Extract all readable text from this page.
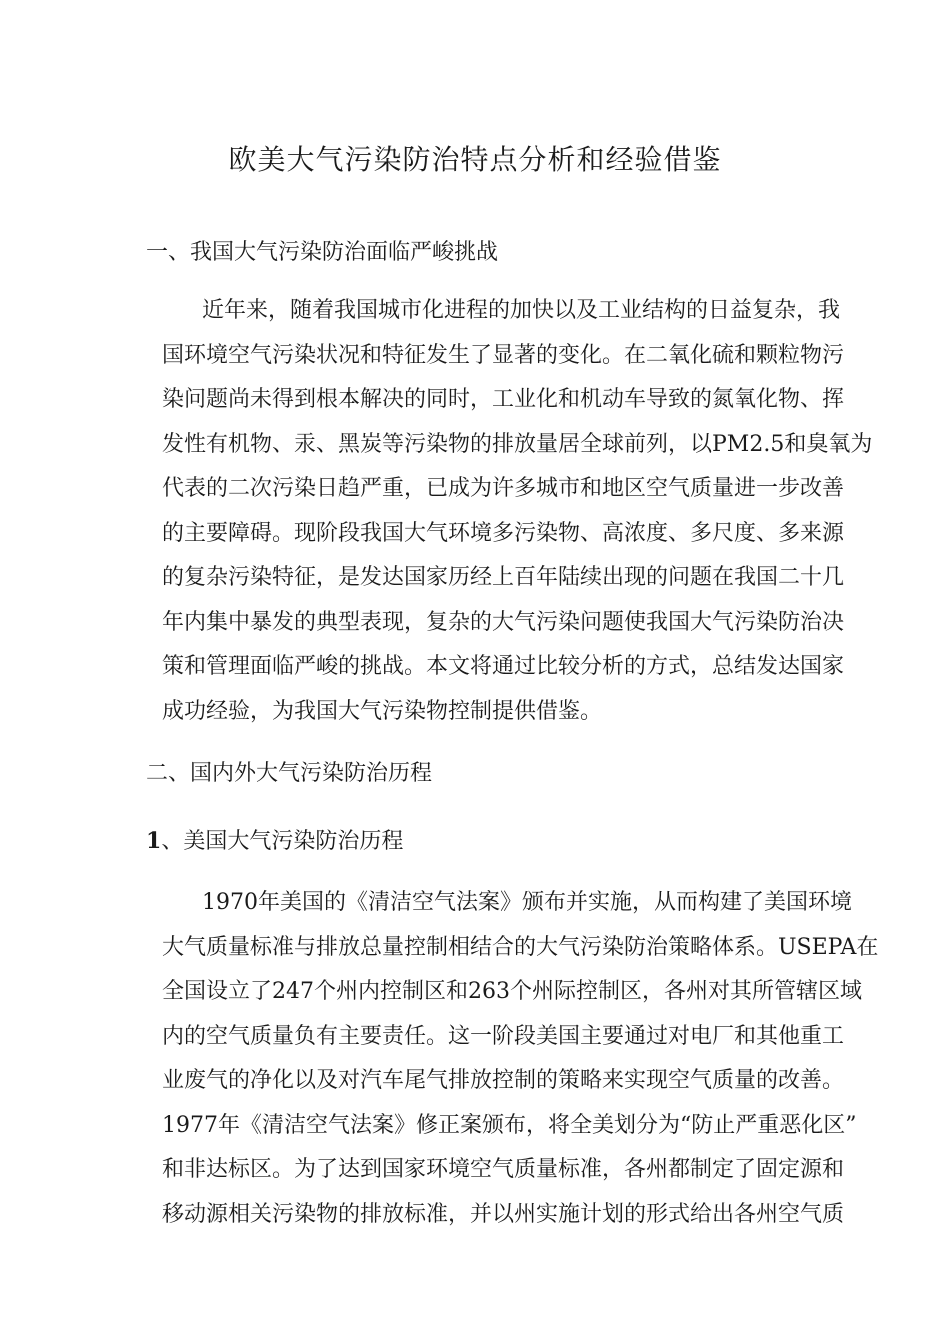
欧美大气污染防治特点分析和经验借鉴
一、我国大气污染防治面临严峻挑战
近年来，随着我国城市化进程的加快以及工业结构的日益复杂，我
国环境空气污染状况和特征发生了显著的变化。在二氧化硫和颗粒物污
染问题尚未得到根本解决的同时，工业化和机动车导致的氮氧化物、挥
发性有机物、汞、黑炭等污染物的排放量居全球前列，以PM2.5和臭氧为
代表的二次污染日趋严重，已成为许多城市和地区空气质量进一步改善
的主要障碍。现阶段我国大气环境多污染物、高浓度、多尺度、多来源
的复杂污染特征，是发达国家历经上百年陆续出现的问题在我国二十几
年内集中暴发的典型表现，复杂的大气污染问题使我国大气污染防治决
策和管理面临严峻的挑战。本文将通过比较分析的方式，总结发达国家
成功经验，为我国大气污染物控制提供借鉴。
二、国内外大气污染防治历程
1、美国大气污染防治历程
1970年美国的《清洁空气法案》颁布并实施，从而构建了美国环境
大气质量标准与排放总量控制相结合的大气污染防治策略体系。USEPA在
全国设立了247个州内控制区和263个州际控制区，各州对其所管辖区域
内的空气质量负有主要责任。这一阶段美国主要通过对电厂和其他重工
业废气的净化以及对汽车尾气排放控制的策略来实现空气质量的改善。
1977年《清洁空气法案》修正案颁布，将全美划分为“防止严重恶化区”
和非达标区。为了达到国家环境空气质量标准，各州都制定了固定源和
移动源相关污染物的排放标准，并以州实施计划的形式给出各州空气质
